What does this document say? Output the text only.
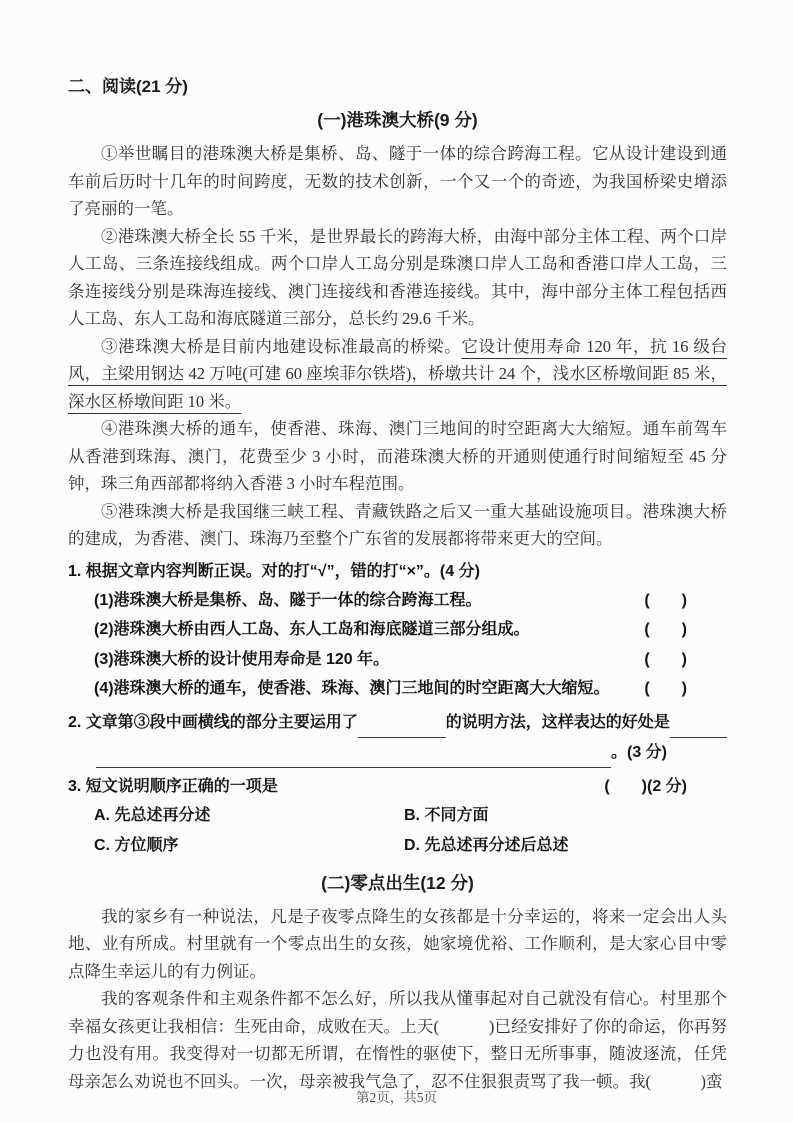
二、阅读(21 分)
(一)港珠澳大桥(9 分)

①举世瞩目的港珠澳大桥是集桥、岛、隧于一体的综合跨海工程。它从设计建设到通车前后历时十几年的时间跨度，无数的技术创新，一个又一个的奇迹，为我国桥梁史增添了亮丽的一笔。

②港珠澳大桥全长 55 千米，是世界最长的跨海大桥，由海中部分主体工程、两个口岸人工岛、三条连接线组成。两个口岸人工岛分别是珠澳口岸人工岛和香港口岸人工岛，三条连接线分别是珠海连接线、澳门连接线和香港连接线。其中，海中部分主体工程包括西人工岛、东人工岛和海底隧道三部分，总长约 29.6 千米。

③港珠澳大桥是目前内地建设标准最高的桥梁。它设计使用寿命 120 年，抗 16 级台风，主梁用钢达 42 万吨(可建 60 座埃菲尔铁塔)，桥墩共计 24 个，浅水区桥墩间距 85 米，深水区桥墩间距 10 米。

④港珠澳大桥的通车，使香港、珠海、澳门三地间的时空距离大大缩短。通车前驾车从香港到珠海、澳门，花费至少 3 小时，而港珠澳大桥的开通则使通行时间缩短至 45 分钟，珠三角西部都将纳入香港 3 小时车程范围。

⑤港珠澳大桥是我国继三峡工程、青藏铁路之后又一重大基础设施项目。港珠澳大桥的建成，为香港、澳门、珠海乃至整个广东省的发展都将带来更大的空间。

1. 根据文章内容判断正误。对的打“√”，错的打“×”。(4 分)
(1)港珠澳大桥是集桥、岛、隧于一体的综合跨海工程。	(　　)
(2)港珠澳大桥由西人工岛、东人工岛和海底隧道三部分组成。	(　　)
(3)港珠澳大桥的设计使用寿命是 120 年。	(　　)
(4)港珠澳大桥的通车，使香港、珠海、澳门三地间的时空距离大大缩短。 (　　)
2. 文章第③段中画横线的部分主要运用了	的说明方法，这样表达的好处是
。(3 分)
3. 短文说明顺序正确的一项是	(　　)(2 分)
A. 先总述再分述	B. 不同方面
C. 方位顺序	D. 先总述再分述后总述
(二)零点出生(12 分)

我的家乡有一种说法，凡是子夜零点降生的女孩都是十分幸运的，将来一定会出人头地、业有所成。村里就有一个零点出生的女孩，她家境优裕、工作顺利，是大家心目中零点降生幸运儿的有力例证。

我的客观条件和主观条件都不怎么好，所以我从懂事起对自己就没有信心。村里那个幸福女孩更让我相信：生死由命，成败在天。上天(　　　)已经安排好了你的命运，你再努力也没有用。我变得对一切都无所谓，在惰性的驱使下，整日无所事事，随波逐流，任凭母亲怎么劝说也不回头。一次，母亲被我气急了，忍不住狠狠责骂了我一顿。我(　　　)蛮

第2页，共5页
